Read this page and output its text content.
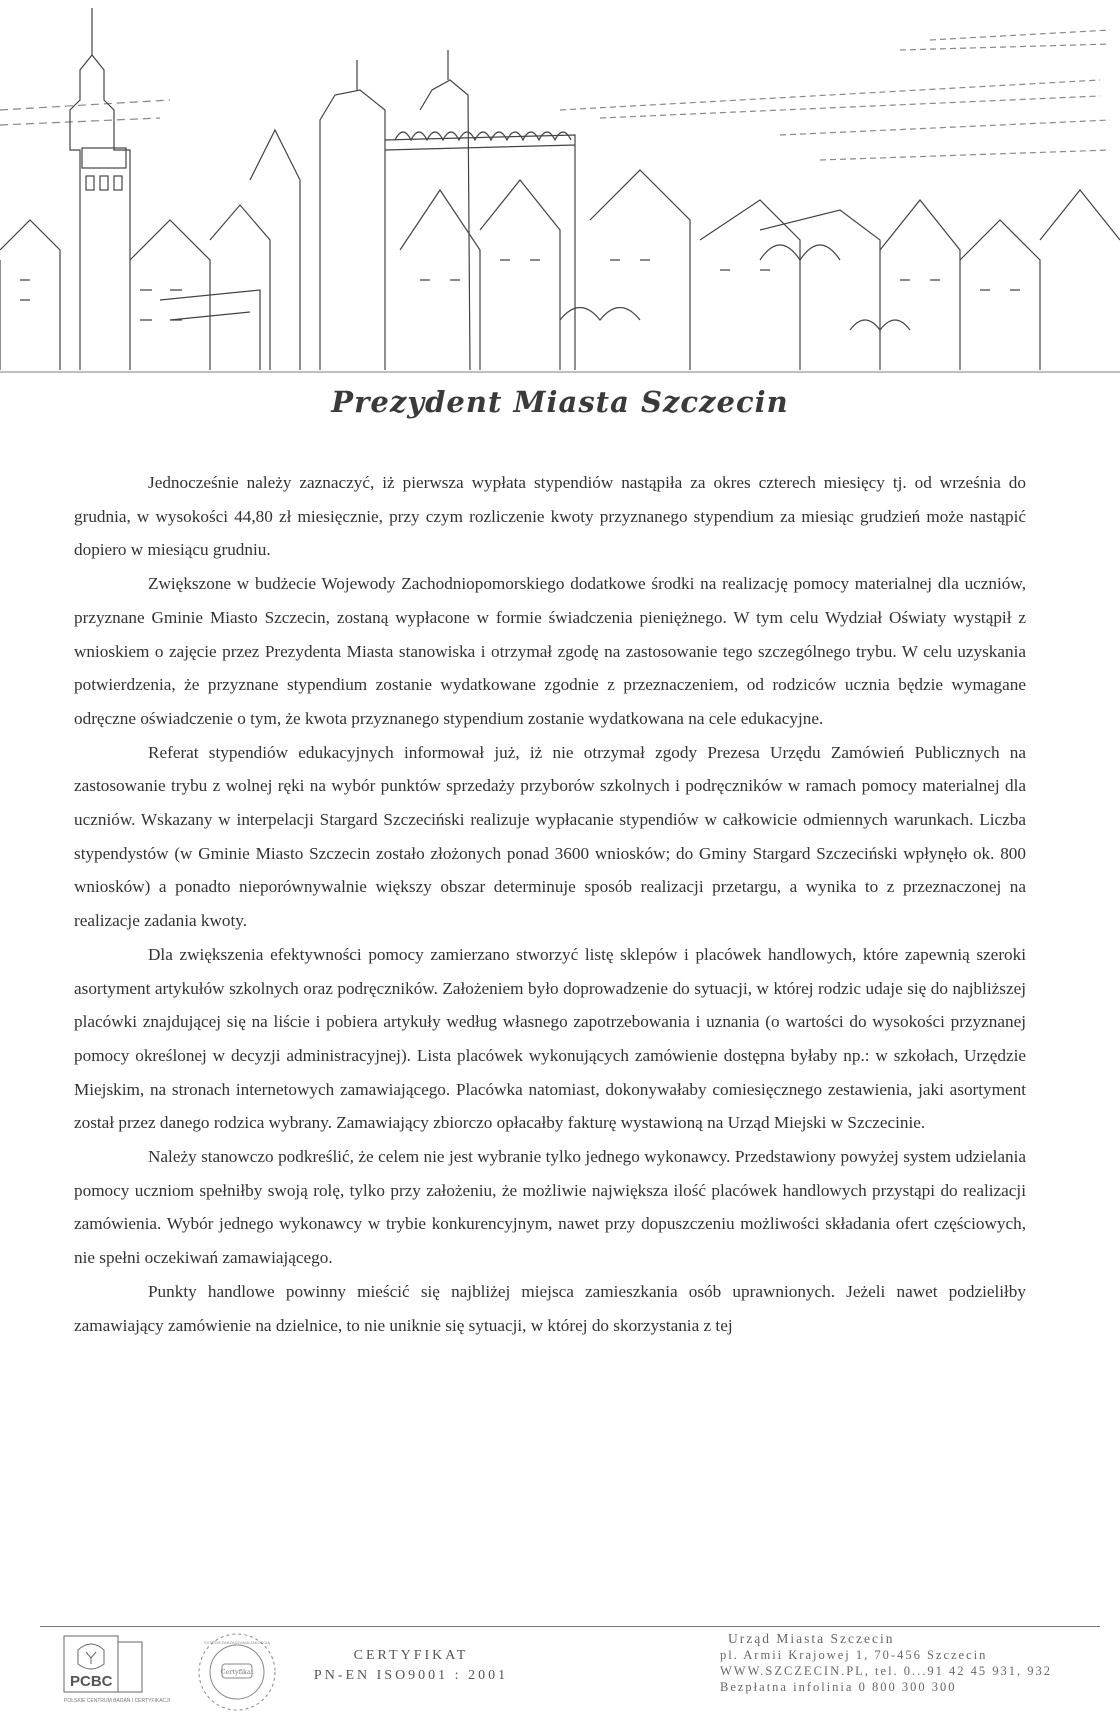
Prezydent Miasta Szczecin

Jednocześnie należy zaznaczyć, iż pierwsza wypłata stypendiów nastąpiła za okres czterech miesięcy tj. od września do grudnia, w wysokości 44,80 zł miesięcznie, przy czym rozliczenie kwoty przyznanego stypendium za miesiąc grudzień może nastąpić dopiero w miesiącu grudniu.

Zwiększone w budżecie Wojewody Zachodniopomorskiego dodatkowe środki na realizację pomocy materialnej dla uczniów, przyznane Gminie Miasto Szczecin, zostaną wypłacone w formie świadczenia pieniężnego. W tym celu Wydział Oświaty wystąpił z wnioskiem o zajęcie przez Prezydenta Miasta stanowiska i otrzymał zgodę na zastosowanie tego szczególnego trybu. W celu uzyskania potwierdzenia, że przyznane stypendium zostanie wydatkowane zgodnie z przeznaczeniem, od rodziców ucznia będzie wymagane odręczne oświadczenie o tym, że kwota przyznanego stypendium zostanie wydatkowana na cele edukacyjne.

Referat stypendiów edukacyjnych informował już, iż nie otrzymał zgody Prezesa Urzędu Zamówień Publicznych na zastosowanie trybu z wolnej ręki na wybór punktów sprzedaży przyborów szkolnych i podręczników w ramach pomocy materialnej dla uczniów. Wskazany w interpelacji Stargard Szczeciński realizuje wypłacanie stypendiów w całkowicie odmiennych warunkach. Liczba stypendystów (w Gminie Miasto Szczecin zostało złożonych ponad 3600 wniosków; do Gminy Stargard Szczeciński wpłynęło ok. 800 wniosków) a ponadto nieporównywalnie większy obszar determinuje sposób realizacji przetargu, a wynika to z przeznaczonej na realizacje zadania kwoty.

Dla zwiększenia efektywności pomocy zamierzano stworzyć listę sklepów i placówek handlowych, które zapewnią szeroki asortyment artykułów szkolnych oraz podręczników. Założeniem było doprowadzenie do sytuacji, w której rodzic udaje się do najbliższej placówki znajdującej się na liście i pobiera artykuły według własnego zapotrzebowania i uznania (o wartości do wysokości przyznanej pomocy określonej w decyzji administracyjnej). Lista placówek wykonujących zamówienie dostępna byłaby np.: w szkołach, Urzędzie Miejskim, na stronach internetowych zamawiającego. Placówka natomiast, dokonywałaby comiesięcznego zestawienia, jaki asortyment został przez danego rodzica wybrany. Zamawiający zbiorczo opłacałby fakturę wystawioną na Urząd Miejski w Szczecinie.

Należy stanowczo podkreślić, że celem nie jest wybranie tylko jednego wykonawcy. Przedstawiony powyżej system udzielania pomocy uczniom spełniłby swoją rolę, tylko przy założeniu, że możliwie największa ilość placówek handlowych przystąpi do realizacji zamówienia. Wybór jednego wykonawcy w trybie konkurencyjnym, nawet przy dopuszczeniu możliwości składania ofert częściowych, nie spełni oczekiwań zamawiającego.

Punkty handlowe powinny mieścić się najbliżej miejsca zamieszkania osób uprawnionych. Jeżeli nawet podzieliłby zamawiający zamówienie na dzielnice, to nie uniknie się sytuacji, w której do skorzystania z tej

PCBC
POLSKIE CENTRUM BADAŃ I CERTYFIKACJI
Certyfikat
SYSTEM ZARZĄDZANIA JAKOŚCIĄ
CERTYFIKAT
PN-EN ISO9001 : 2001
Urząd Miasta Szczecin
pl. Armii Krajowej 1, 70-456 Szczecin
WWW.SZCZECIN.PL, tel. 0...91 42 45 931, 932
Bezpłatna infolinia 0 800 300 300
